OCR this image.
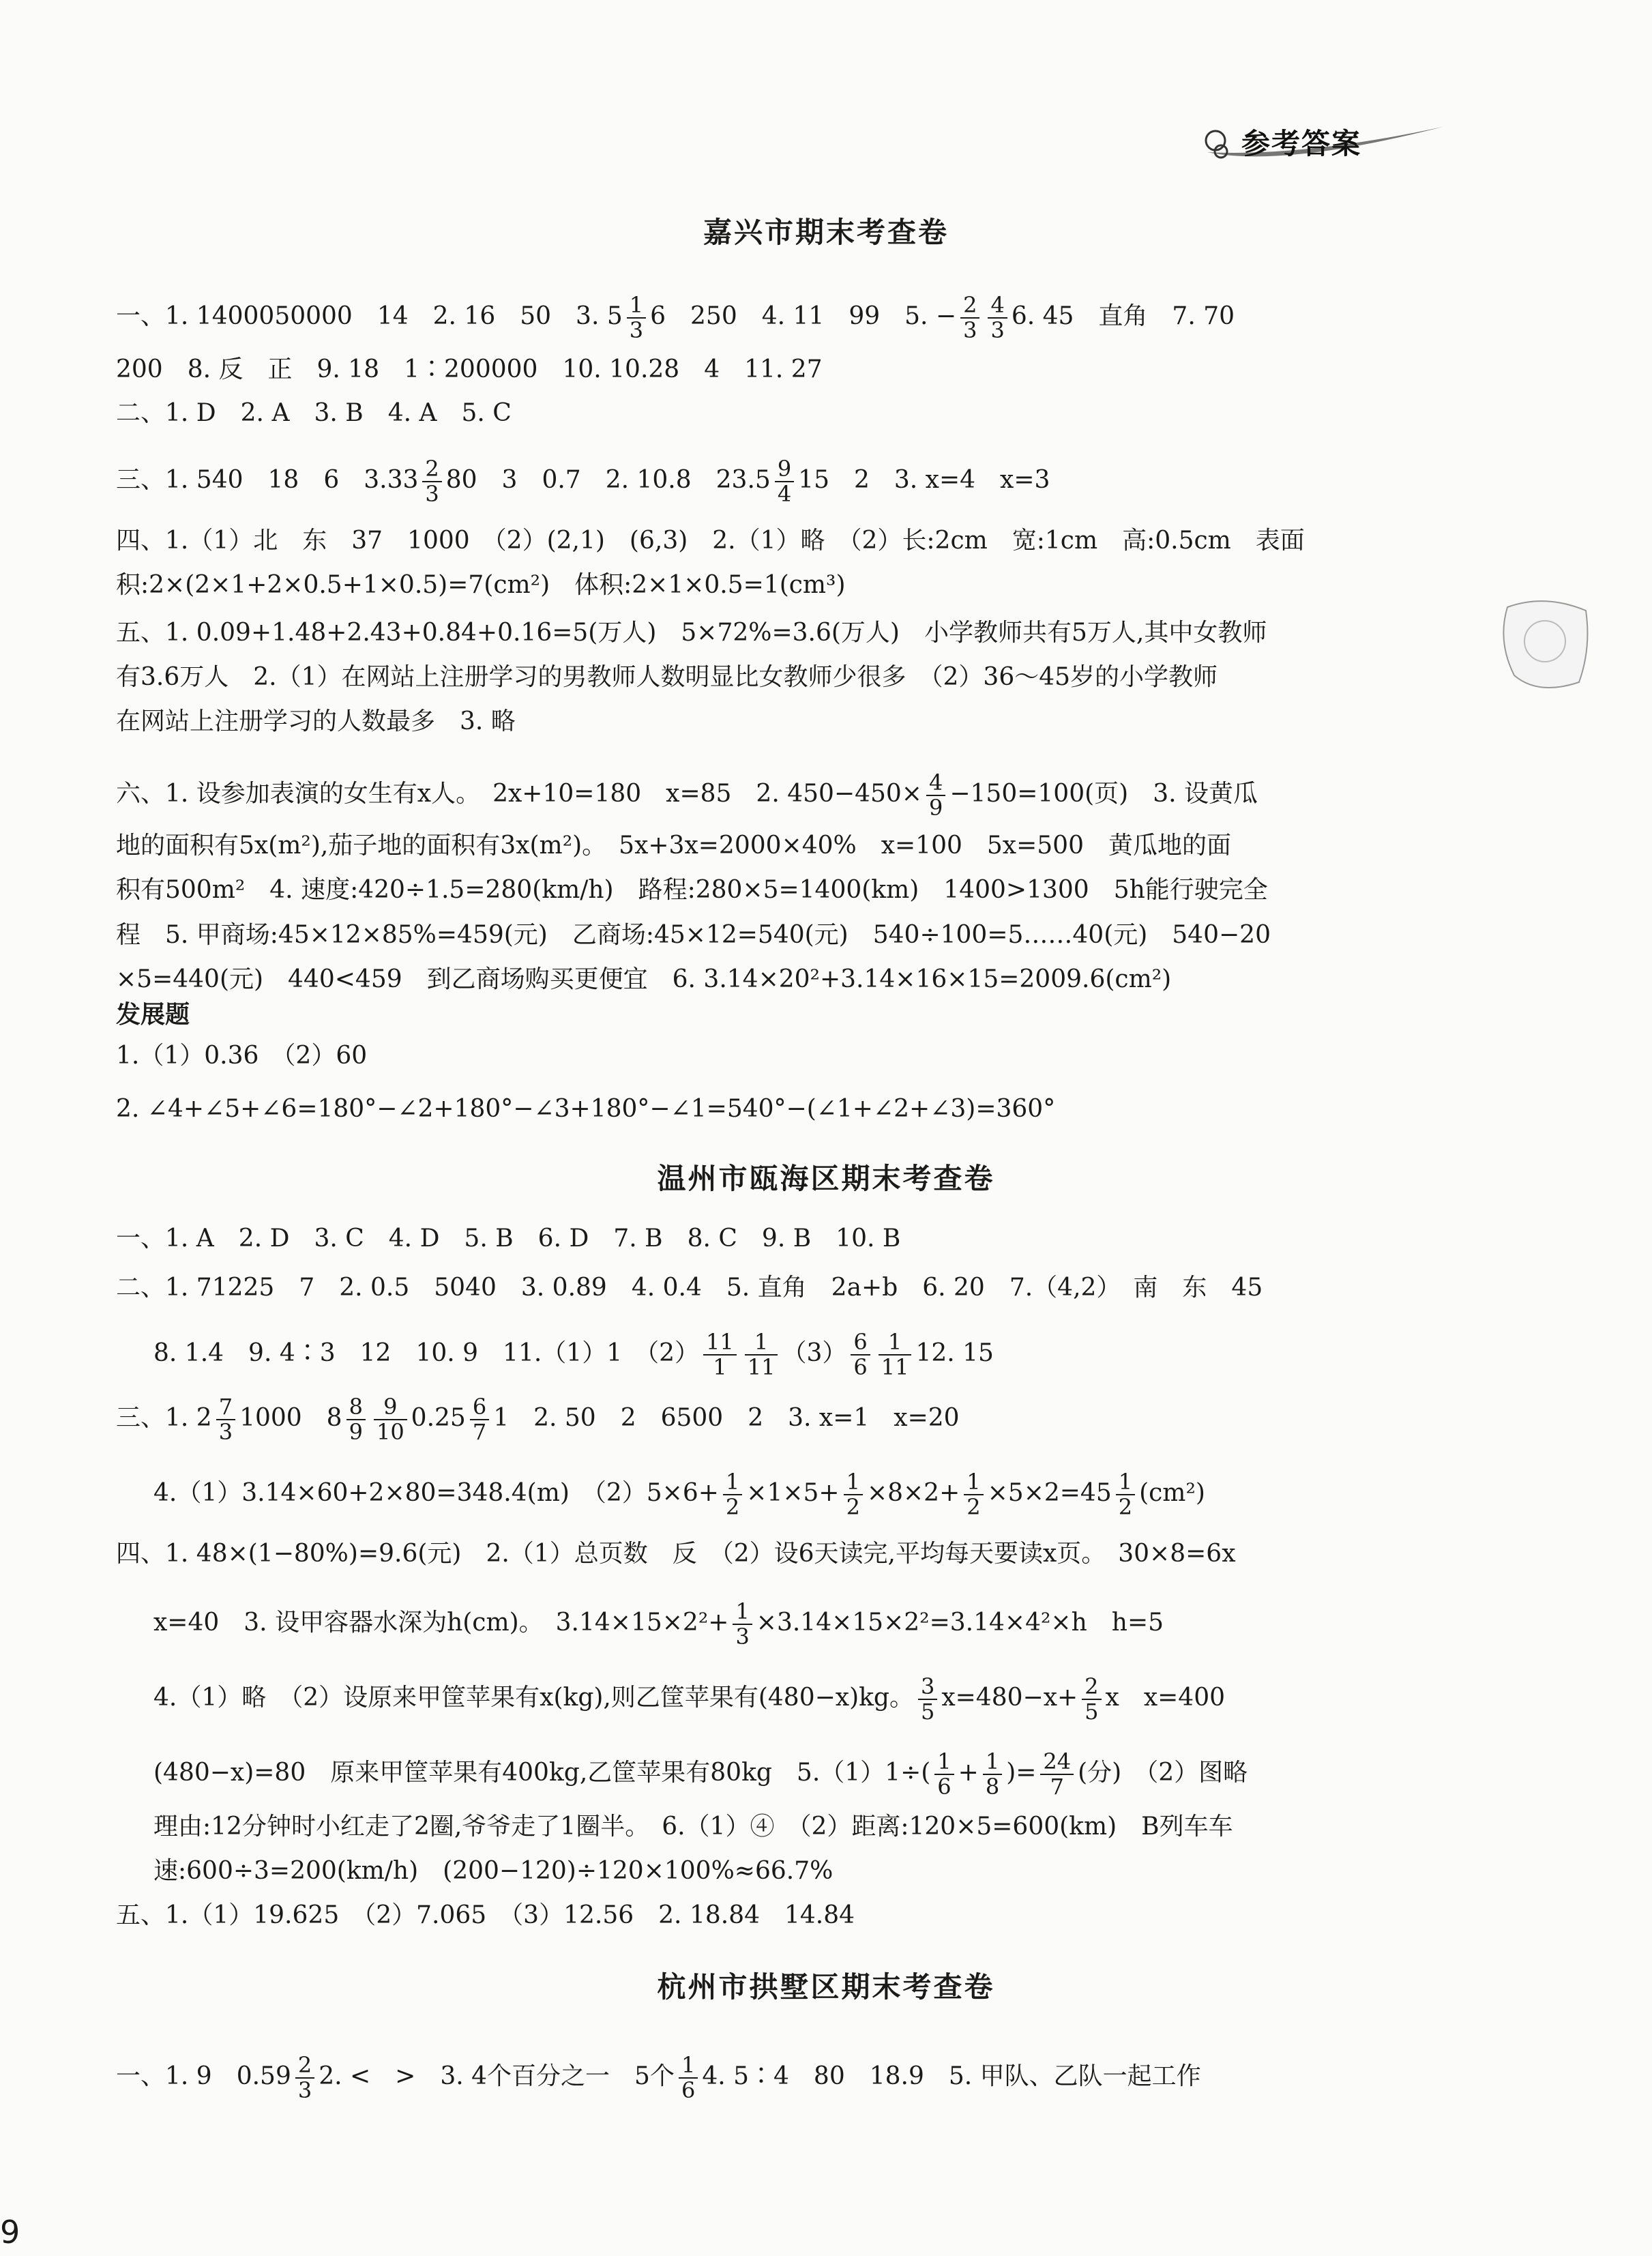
参考答案
嘉兴市期末考查卷
一、1. 1400050000　14　2. 16　50　3. $5 \frac{1}{3} 6$　250　4. 11　99　5. − $\frac{2}{3} \frac{4}{3} 6$. 45　直角　7. 70
200　8. 反　正　9. 18　1∶200000　10. 10.28　4　11. 27
二、1. D　2. A　3. B　4. A　5. C
三、1. 540　18　6　$3.33 \frac{2}{3} 80$　3　0.7　2. 10.8　$23.5 \frac{9}{4} 15$　2　3. x=4　x=3
四、1.（1）北　东　37　1000　（2）(2,1)　(6,3)　2.（1）略　（2）长:2cm　宽:1cm　高:0.5cm　表面
积:2×(2×1+2×0.5+1×0.5)=7(cm²)　体积:2×1×0.5=1(cm³)
五、1. 0.09+1.48+2.43+0.84+0.16=5(万人)　5×72%=3.6(万人)　小学教师共有5万人,其中女教师
有3.6万人　2.（1）在网站上注册学习的男教师人数明显比女教师少很多　（2）36～45岁的小学教师
在网站上注册学习的人数最多　3. 略
六、1. 设参加表演的女生有x人。　2x+10=180　x=85　2. $450-450\times \frac{4}{9} -150=100$(页)　3. 设黄瓜
地的面积有5x(m²),茄子地的面积有3x(m²)。　5x+3x=2000×40%　x=100　5x=500　黄瓜地的面
积有500m²　4. 速度:420÷1.5=280(km/h)　路程:280×5=1400(km)　1400>1300　5h能行驶完全
程　5. 甲商场:45×12×85%=459(元)　乙商场:45×12=540(元)　540÷100=5……40(元)　540−20
×5=440(元)　440<459　到乙商场购买更便宜　6. 3.14×20²+3.14×16×15=2009.6(cm²)
发展题
1.（1）0.36　（2）60
2. ∠4+∠5+∠6=180°−∠2+180°−∠3+180°−∠1=540°−(∠1+∠2+∠3)=360°
温州市瓯海区期末考查卷
一、1. A　2. D　3. C　4. D　5. B　6. D　7. B　8. C　9. B　10. B
二、1. 71225　7　2. 0.5　5040　3. 0.89　4. 0.4　5. 直角　2a+b　6. 20　7.（4,2）　南　东　45
8. 1.4　9. 4∶3　12　10. 9　11.（1）1　$(2) \frac{11}{1} \frac{1}{11} (3) \frac{6}{6} \frac{1}{11} 12$. 15
三、1. $2 \frac{7}{3} 1000$　$8 \frac{8}{9} \frac{9}{10} 0.25 \frac{6}{7} 1$　2. 50　2　6500　2　3. x=1　x=20
4.（1）3.14×60+2×80=348.4(m)　$(2)5\times 6+ \frac{1}{2} \times 1\times 5+ \frac{1}{2} \times 8\times 2+ \frac{1}{2} \times 5\times 2=45 \frac{1}{2} (cm^2)$
四、1. 48×(1−80%)=9.6(元)　2.（1）总页数　反　（2）设6天读完,平均每天要读x页。　30×8=6x
x=40　3. 设甲容器水深为h(cm)。　$3.14\times 15\times 2^2+ \frac{1}{3} \times 3.14\times 15\times 2^2=3.14\times 4^2\times h$　h=5
4.（1）略　（2）设原来甲筐苹果有x(kg),则乙筐苹果有(480−x)kg。 $\frac{3}{5} x=480-x+ \frac{2}{5}$ x　x=400
(480−x)=80　原来甲筐苹果有400kg,乙筐苹果有80kg　$5.(1)1\div( \frac{1}{6} + \frac{1}{8}$ )= $\frac{24}{7}$ (分)　（2）图略
理由:12分钟时小红走了2圈,爷爷走了1圈半。　6.（1）④　（2）距离:120×5=600(km)　B列车车
速:600÷3=200(km/h)　(200−120)÷120×100%≈66.7%
五、1.（1）19.625　（2）7.065　（3）12.56　2. 18.84　14.84
杭州市拱墅区期末考查卷
一、1. 9　$0.59 \frac{2}{3} 2$. <　>　3. 4个百分之一　5个 $\frac{1}{6} 4$. 5∶4　80　18.9　5. 甲队、乙队一起工作
9
